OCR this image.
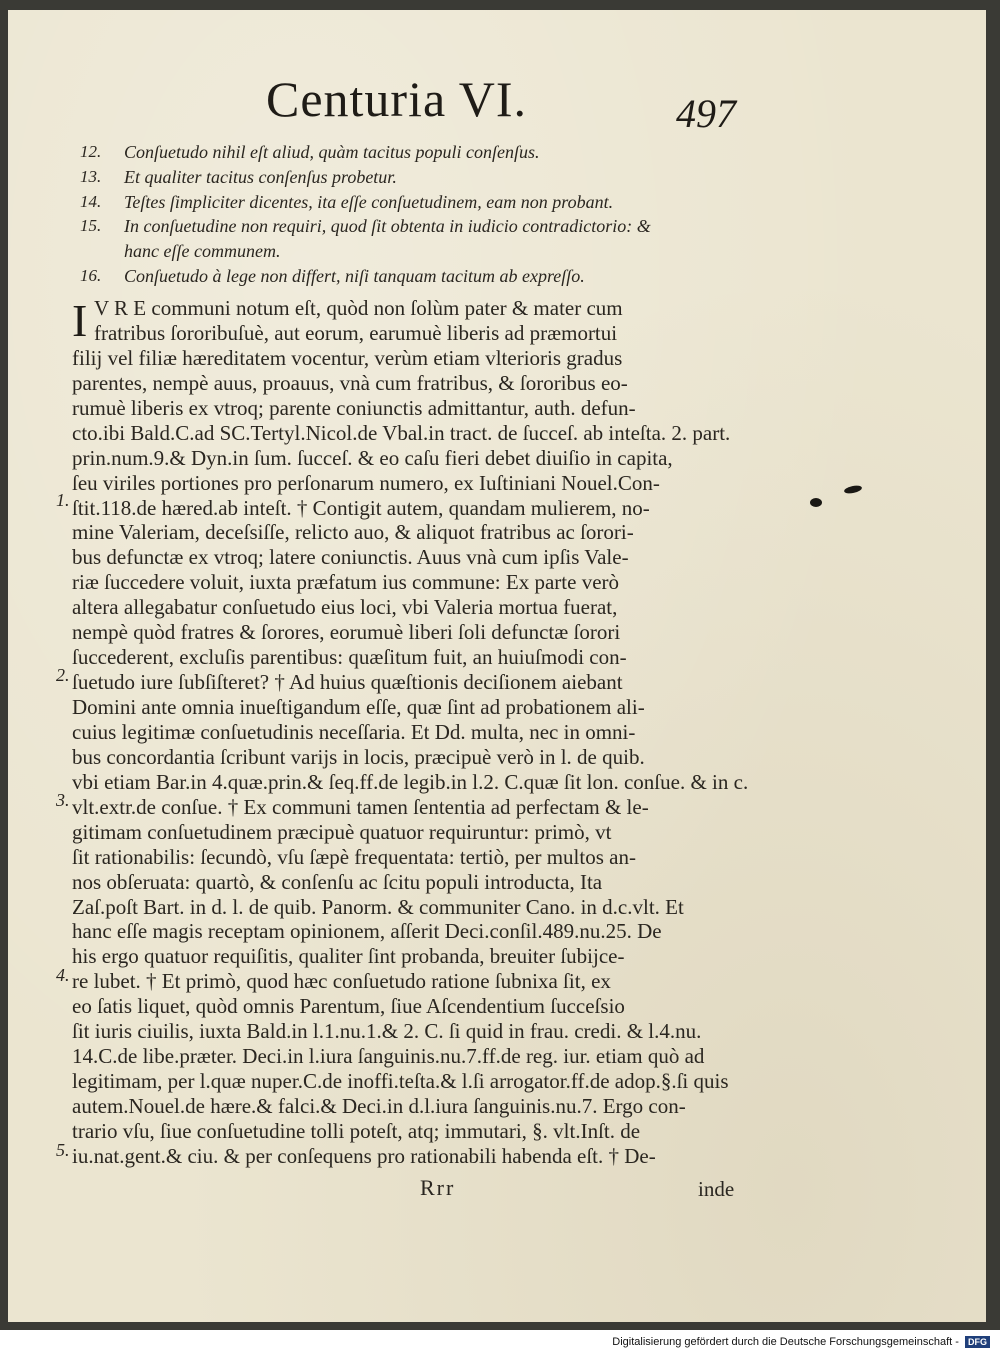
Centuria VI.	497
12.	Conſuetudo nihil eſt aliud, quàm tacitus populi conſenſus.
13.	Et qualiter tacitus conſenſus probetur.
14.	Teſtes ſimpliciter dicentes, ita eſſe conſuetudinem, eam non probant.
15.	In conſuetudine non requiri, quod ſit obtenta in iudicio contradictorio: &
hanc eſſe communem.
16.	Conſuetudo à lege non differt, niſi tanquam tacitum ab expreſſo.
I V R E communi notum eſt, quòd non ſolùm pater & mater cum
fratribus ſororibuſuè, aut eorum, earumuè liberis ad præmortui
filij vel filiæ hæreditatem vocentur, verùm etiam vlterioris gradus
parentes, nempè auus, proauus, vnà cum fratribus, & ſororibus eo-
rumuè liberis ex vtroq; parente coniunctis admittantur, auth. defun-
cto.ibi Bald.C.ad SC.Tertyl.Nicol.de Vbal.in tract. de ſucceſ. ab inteſta. 2. part.
prin.num.9.& Dyn.in ſum. ſucceſ. & eo caſu fieri debet diuiſio in capita,
ſeu viriles portiones pro perſonarum numero, ex Iuſtiniani Nouel.Con-
ſtit.118.de hæred.ab inteſt. † Contigit autem, quandam mulierem, no-
mine Valeriam, deceſsiſſe, relicto auo, & aliquot fratribus ac ſorori-
bus defunctæ ex vtroq; latere coniunctis. Auus vnà cum ipſis Vale-
riæ ſuccedere voluit, iuxta præfatum ius commune: Ex parte verò
altera allegabatur conſuetudo eius loci, vbi Valeria mortua fuerat,
nempè quòd fratres & ſorores, eorumuè liberi ſoli defunctæ ſorori
ſuccederent, excluſis parentibus: quæſitum fuit, an huiuſmodi con-
ſuetudo iure ſubſiſteret? † Ad huius quæſtionis deciſionem aiebant
Domini ante omnia inueſtigandum eſſe, quæ ſint ad probationem ali-
cuius legitimæ conſuetudinis neceſſaria. Et Dd. multa, nec in omni-
bus concordantia ſcribunt varijs in locis, præcipuè verò in l. de quib.
vbi etiam Bar.in 4.quæ.prin.& ſeq.ff.de legib.in l.2. C.quæ ſit lon. conſue. & in c.
vlt.extr.de conſue. † Ex communi tamen ſententia ad perfectam & le-
gitimam conſuetudinem præcipuè quatuor requiruntur: primò, vt
ſit rationabilis: ſecundò, vſu ſæpè frequentata: tertiò, per multos an-
nos obſeruata: quartò, & conſenſu ac ſcitu populi introducta, Ita
Zaſ.poſt Bart. in d. l. de quib. Panorm. & communiter Cano. in d.c.vlt. Et
hanc eſſe magis receptam opinionem, aſſerit Deci.conſil.489.nu.25. De
his ergo quatuor requiſitis, qualiter ſint probanda, breuiter ſubijce-
re lubet. † Et primò, quod hæc conſuetudo ratione ſubnixa ſit, ex
eo ſatis liquet, quòd omnis Parentum, ſiue Aſcendentium ſucceſsio
ſit iuris ciuilis, iuxta Bald.in l.1.nu.1.& 2. C. ſi quid in frau. credi. & l.4.nu.
14.C.de libe.præter. Deci.in l.iura ſanguinis.nu.7.ff.de reg. iur. etiam quò ad
legitimam, per l.quæ nuper.C.de inoffi.teſta.& l.ſi arrogator.ff.de adop.§.ſi quis
autem.Nouel.de hære.& falci.& Deci.in d.l.iura ſanguinis.nu.7. Ergo con-
trario vſu, ſiue conſuetudine tolli poteſt, atq; immutari, §. vlt.Inſt. de
iu.nat.gent.& ciu. & per conſequens pro rationabili habenda eſt. † De-
1.
2.
3.
4.
5.
Rrr	inde
Digitalisierung gefördert durch die Deutsche Forschungsgemeinschaft - DFG
